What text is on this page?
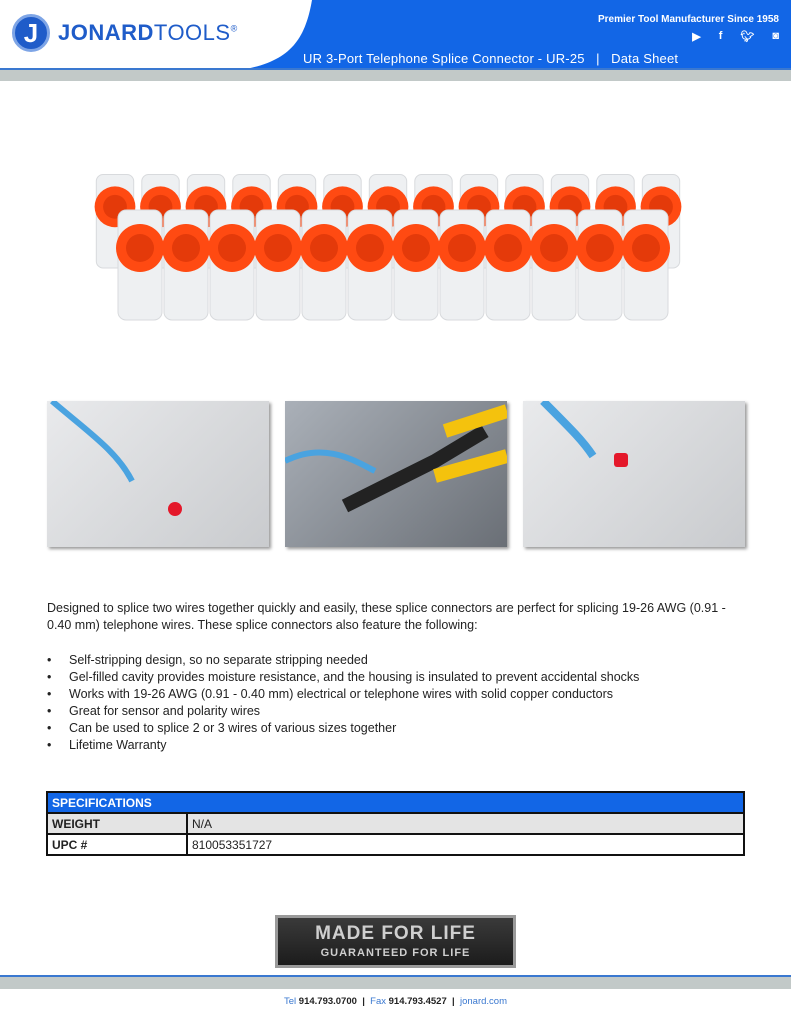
J JONARDTOOLS®
Premier Tool Manufacturer Since 1958
▶ f 🐦︎ ◙
UR 3-Port Telephone Splice Connector - UR-25   |   Data Sheet

Designed to splice two wires together quickly and easily, these splice connectors are perfect for splicing 19-26 AWG (0.91 - 0.40 mm) telephone wires. These splice connectors also feature the following:

• Self-stripping design, so no separate stripping needed
• Gel-filled cavity provides moisture resistance, and the housing is insulated to prevent accidental shocks
• Works with 19-26 AWG (0.91 - 0.40 mm) electrical or telephone wires with solid copper conductors
• Great for sensor and polarity wires
• Can be used to splice 2 or 3 wires of various sizes together
• Lifetime Warranty
SPECIFICATIONS	
WEIGHT	N/A
UPC #	810053351727
MADE FOR LIFE
GUARANTEED FOR LIFE
Tel 914.793.0700 | Fax 914.793.4527 | jonard.com
